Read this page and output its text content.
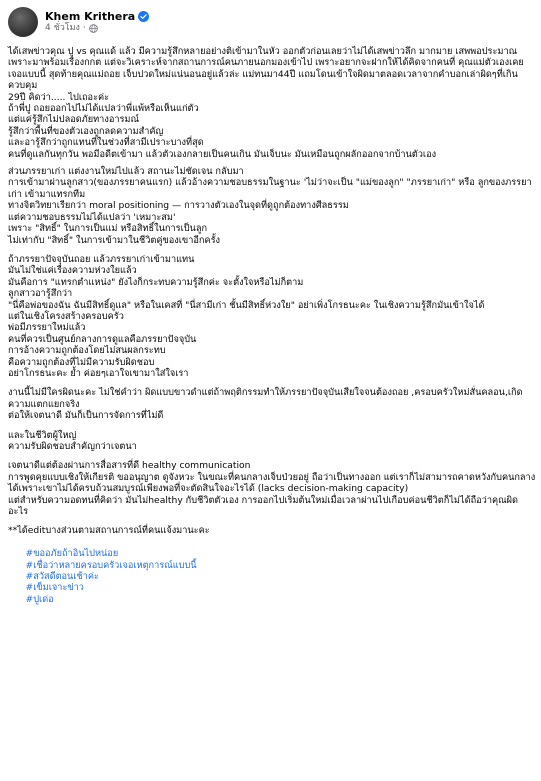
Khem Krithera
4 ชั่วโมง ·

ได้เสพข่าวคุณ ปู vs คุณแด้ แล้ว มีความรู้สึกหลายอย่างติเข้ามาในหัว ออกตัวก่อนเลยว่าไม่ได้เสพข่าวลึก มากมาย เสพพอประมาณ เพราะมาพร้อมเรื่องกกต แต่จะวิเคราะห์จากสถานการณ์คนภายนอกมองเข้าไป เพราะอยากจะฝากให้ได้คิดจากคนที่ คุณแม่ตัวเองเคยเจอแบบนี้ สุดท้ายคุณแม่ถอย เจ็บปวดใหม่แน่นอนอยู่แล้วล่ะ แม่ทนมา44ปี แถมโดนเข้าใจผิดมาตลอดเวลาจากคำบอกเล่าผิดๆที่เกินควบคุม

29ปี คิดว่า..... ไปเถอะค่ะ

ถ้าพี่ปู ถอยออกไปไม่ได้แปลว่าพี่แพ้หรือเห็นแก่ตัว

แต่แค่รู้สึกไม่ปลอดภัยทางอารมณ์

รู้สึกว่าพื้นที่ของตัวเองถูกลดความสำคัญ

และอารู้สึกว่าถูกแทนที่ในช่วงที่สามีเปราะบางที่สุด

คนที่ดูแลกันทุกวัน พอมีอดีตเข้ามา แล้วตัวเองกลายเป็นคนเกิน มันเจ็บนะ มันเหมือนถูกผลักออกจากบ้านตัวเอง

ส่วนภรรยาเก่า แต่งงานใหม่ไปแล้ว สถานะไม่ชัดเจน กลับมา

การเข้ามาผ่านลูกสาว(ของภรรยาคนแรก) แล้วอ้างความชอบธรรมในฐานะ 'ไม่ว่าจะเป็น "แม่ของลูก" "ภรรยาเก่า" หรือ ลูกของภรรยาเก่า เข้ามาแทรกทีม

ทางจิตวิทยาเรียกว่า moral positioning — การวางตัวเองในจุดที่ดูถูกต้องทางศีลธรรม

แต่ความชอบธรรมไม่ได้แปลว่า 'เหมาะสม'

เพราะ "สิทธิ์" ในการเป็นแม่ หรือสิทธิ์ในการเป็นลูก

ไม่เท่ากับ "สิทธิ์" ในการเข้ามาในชีวิตคู่ของเขาอีกครั้ง

ถ้าภรรยาปัจจุบันถอย แล้วภรรยาเก่าเข้ามาแทน

มันไม่ใช่แค่เรื่องความห่วงใยแล้ว

มันคือการ "แทรกตำแหน่ง" ยังไงก็กระทบความรู้สึกค่ะ จะตั้งใจหรือไม่ก็ตาม

ลูกสาวอารู้สึกว่า

"นี่คือพ่อของฉัน ฉันมีสิทธิ์ดูแล" หรือในเคสที่ "นี่สามีเก่า ชั้นมีสิทธิ์ห่วงใย" อย่าเพิ่งโกรธนะคะ ในเชิงความรู้สึกมันเข้าใจได้

แต่ในเชิงโครงสร้างครอบครัว

พ่อมีภรรยาใหม่แล้ว

คนที่ควรเป็นศูนย์กลางการดูแลคือภรรยาปัจจุบัน

การอ้างความถูกต้องโดยไม่สนผลกระทบ

คือความถูกต้องที่ไม่มีความรับผิดชอบ

อย่าโกรธนะคะ ย้ำ ค่อยๆเอาใจเขามาใส่ใจเรา

งานนี้ไม่มีใครผิดนะคะ ไม่ใช่คำว่า ผิดแบบขาวดำแต่ถ้าพฤติกรรมทำให้ภรรยาปัจจุบันเสียใจจนต้องถอย ,ครอบครัวใหม่สั่นคลอน,เกิดความแตกแยกจริง

ต่อให้เจตนาดี มันก็เป็นการจัดการที่ไม่ดี

และในชีวิตผู้ใหญ่

ความรับผิดชอบสำคัญกว่าเจตนา

เจตนาดีแต่ต้องผ่านการสื่อสารที่ดี healthy communication

การพูดคุยแบบเชิงให้เกียรติ ขออนุญาต ดูจังหวะ ในขณะที่คนกลางเจ็บป่วยอยู่ ถือว่าเป็นทางออก แต่เราก็ไม่สามารถคาดหวังกับคนกลางได้เพราะเขาไม่ได้ครบถ้วนสมบูรณ์เพียงพอที่จะตัดสินใจอะไรได้ (lacks decision-making capacity)

แต่สำหรับความอดทนที่คิดว่า มันไม่healthy กับชีวิตตัวเอง การออกไปเริ่มต้นใหม่เมื่อเวลาผ่านไปเกือบค่อนชีวิตก็ไม่ได้ถือว่าคุณผิดอะไร

**ได้editบางส่วนตามสถานการณ์ที่คนแจ้งมานะคะ

#ขออภัยถ้าอินไปหน่อย
#เชื่อว่าหลายครอบครัวเจอเหตุการณ์แบบนี้
#สวัสดีตอนเช้าค่ะ
#เข็มเจาะข่าว
#ปูเด่อ
